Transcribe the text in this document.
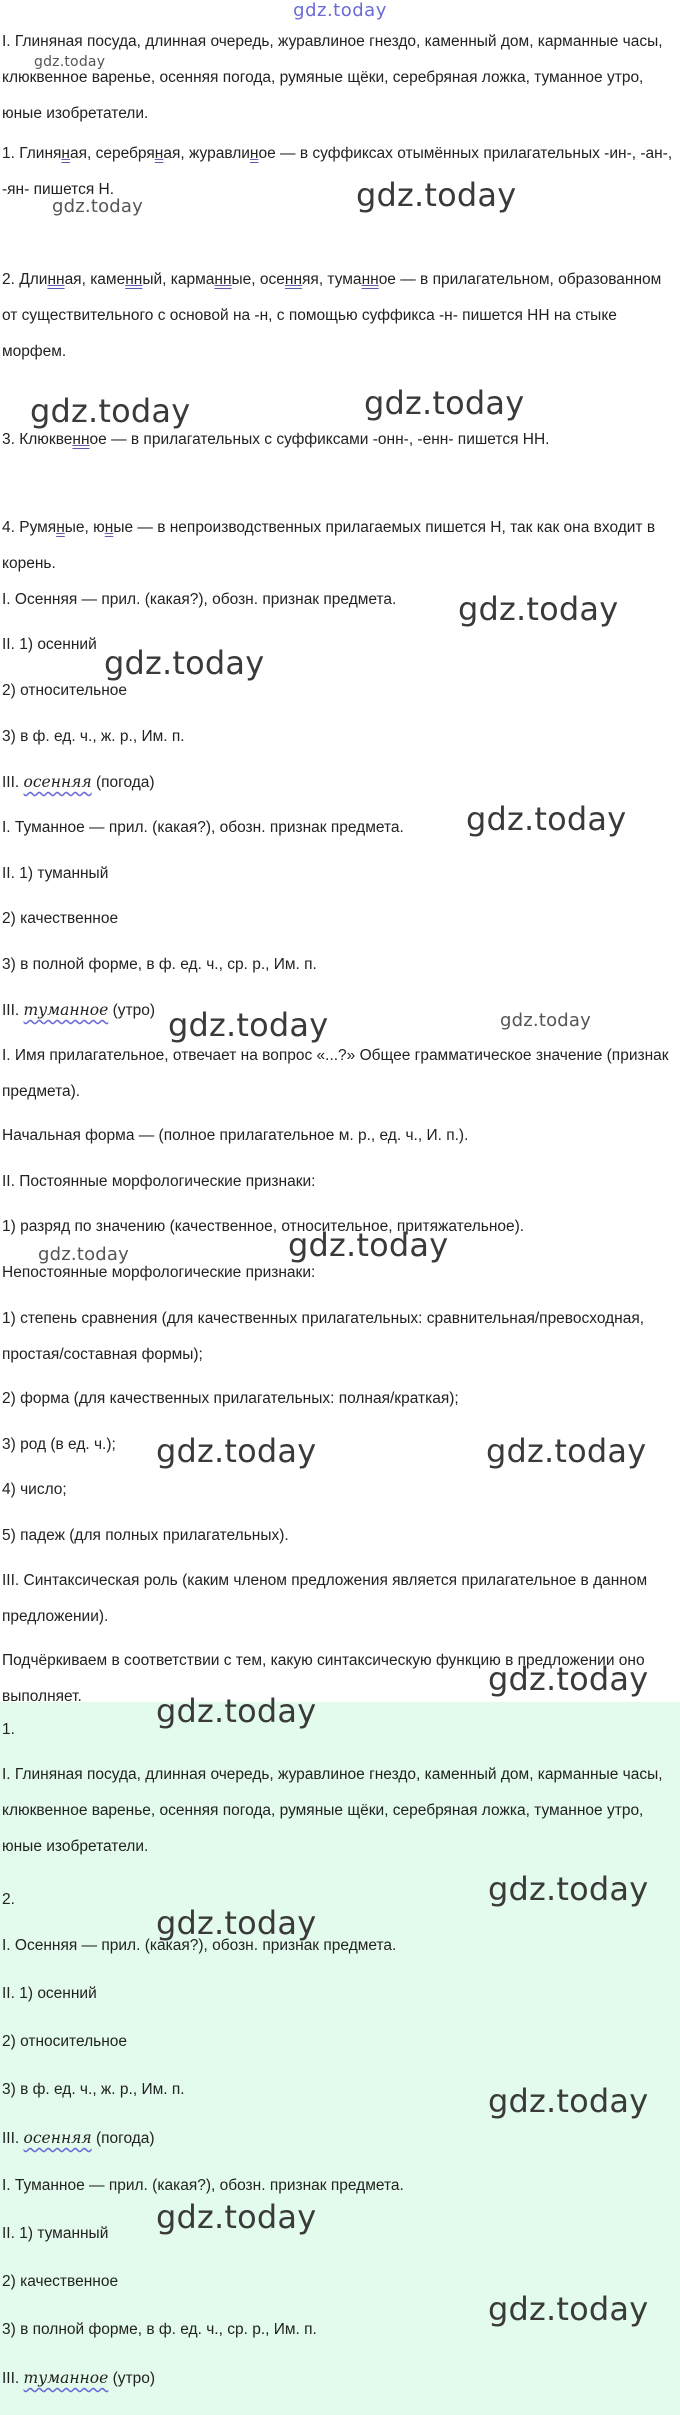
gdz.today
I. Глиняная посуда, длинная очередь, журавлиное гнездо, каменный дом, карманные часы, клюквенное варенье, осенняя погода, румяные щёки, серебряная ложка, туманное утро, юные изобретатели.
1. Глиняная, серебряная, журавлиное — в суффиксах отымённых прилагательных -ин-, -ан-, -ян- пишется Н.
2. Длинная, каменный, карманные, осенняя, туманное — в прилагательном, образованном от существительного с основой на -н, с помощью суффикса -н- пишется НН на стыке морфем.
3. Клюквенное — в прилагательных с суффиксами -онн-, -енн- пишется НН.
4. Румяные, юные — в непроизводственных прилагаемых пишется Н, так как она входит в корень.
I. Осенняя — прил. (какая?), обозн. признак предмета.
II. 1) осенний
2) относительное
3) в ф. ед. ч., ж. р., Им. п.
III. осенняя (погода)
I. Туманное — прил. (какая?), обозн. признак предмета.
II. 1) туманный
2) качественное
3) в полной форме, в ф. ед. ч., ср. р., Им. п.
III. туманное (утро)
I. Имя прилагательное, отвечает на вопрос «...?» Общее грамматическое значение (признак предмета).
Начальная форма — (полное прилагательное м. р., ед. ч., И. п.).
II. Постоянные морфологические признаки:
1) разряд по значению (качественное, относительное, притяжательное).
Непостоянные морфологические признаки:
1) степень сравнения (для качественных прилагательных: сравнительная/превосходная, простая/составная формы);
2) форма (для качественных прилагательных: полная/краткая);
3) род (в ед. ч.);
4) число;
5) падеж (для полных прилагательных).
III. Синтаксическая роль (каким членом предложения является прилагательное в данном предложении).
Подчёркиваем в соответствии с тем, какую синтаксическую функцию в предложении оно выполняет.
1.
I. Глиняная посуда, длинная очередь, журавлиное гнездо, каменный дом, карманные часы, клюквенное варенье, осенняя погода, румяные щёки, серебряная ложка, туманное утро, юные изобретатели.
2.
I. Осенняя — прил. (какая?), обозн. признак предмета.
II. 1) осенний
2) относительное
3) в ф. ед. ч., ж. р., Им. п.
III. осенняя (погода)
I. Туманное — прил. (какая?), обозн. признак предмета.
II. 1) туманный
2) качественное
3) в полной форме, в ф. ед. ч., ср. р., Им. п.
III. туманное (утро)
gdz.today
gdz.today
gdz.today
gdz.today	gdz.today
gdz.today
gdz.today
gdz.today
gdz.today	gdz.today
gdz.today
gdz.today
gdz.today	gdz.today
gdz.today
gdz.today
gdz.today
gdz.today
gdz.today
gdz.today
gdz.today
